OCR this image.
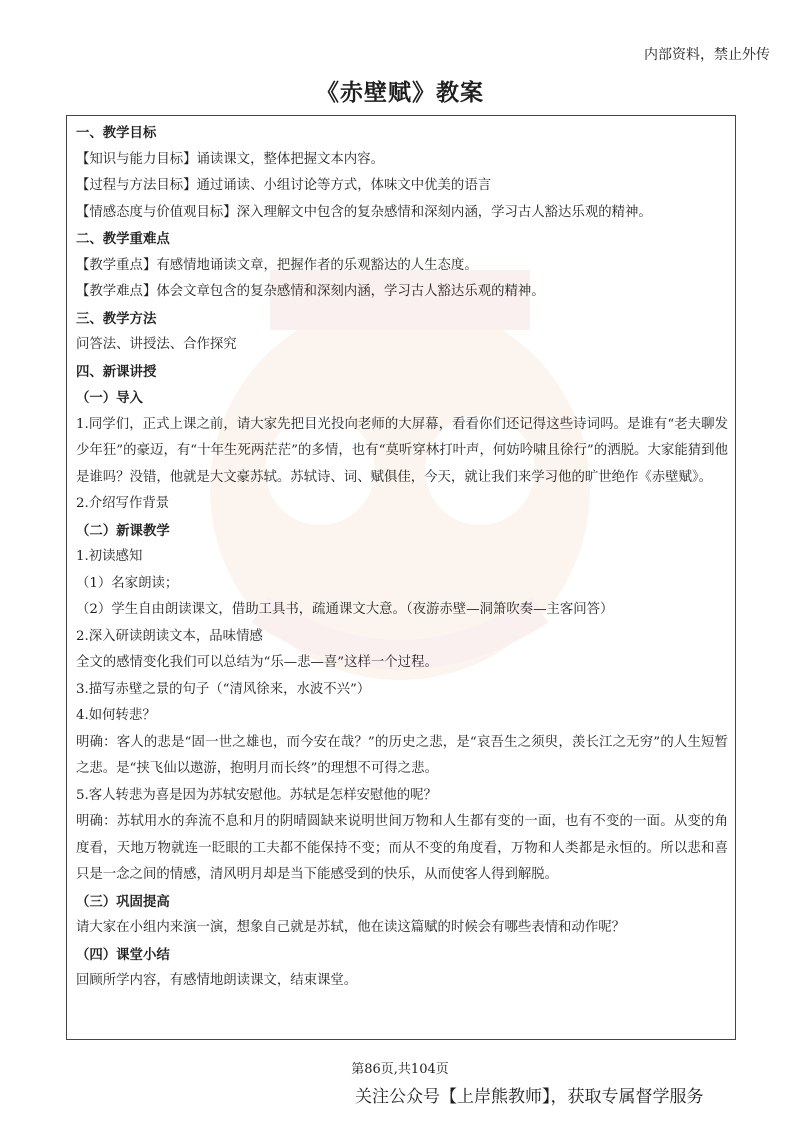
内部资料，禁止外传
《赤壁赋》教案

一、教学目标

【知识与能力目标】诵读课文，整体把握文本内容。

【过程与方法目标】通过诵读、小组讨论等方式，体味文中优美的语言

【情感态度与价值观目标】深入理解文中包含的复杂感情和深刻内涵，学习古人豁达乐观的精神。

二、教学重难点

【教学重点】有感情地诵读文章，把握作者的乐观豁达的人生态度。

【教学难点】体会文章包含的复杂感情和深刻内涵，学习古人豁达乐观的精神。

三、教学方法

问答法、讲授法、合作探究

四、新课讲授

（一）导入

1.同学们，正式上课之前，请大家先把目光投向老师的大屏幕，看看你们还记得这些诗词吗。是谁有“老夫聊发少年狂”的豪迈，有“十年生死两茫茫”的多情，也有“莫听穿林打叶声，何妨吟啸且徐行”的洒脱。大家能猜到他是谁吗？没错，他就是大文豪苏轼。苏轼诗、词、赋俱佳，今天，就让我们来学习他的旷世绝作《赤壁赋》。

2.介绍写作背景

（二）新课教学

1.初读感知

（1）名家朗读；

（2）学生自由朗读课文，借助工具书，疏通课文大意。（夜游赤壁—洞箫吹奏—主客问答）

2.深入研读朗读文本，品味情感

全文的感情变化我们可以总结为“乐—悲—喜”这样一个过程。

3.描写赤壁之景的句子（“清风徐来，水波不兴”）

4.如何转悲？

明确：客人的悲是“固一世之雄也，而今安在哉？”的历史之悲，是“哀吾生之须臾，羡长江之无穷”的人生短暂之悲。是“挟飞仙以遨游，抱明月而长终”的理想不可得之悲。

5.客人转悲为喜是因为苏轼安慰他。苏轼是怎样安慰他的呢？

明确：苏轼用水的奔流不息和月的阴晴圆缺来说明世间万物和人生都有变的一面，也有不变的一面。从变的角度看，天地万物就连一眨眼的工夫都不能保持不变；而从不变的角度看，万物和人类都是永恒的。所以悲和喜只是一念之间的情感，清风明月却是当下能感受到的快乐，从而使客人得到解脱。

（三）巩固提高

请大家在小组内来演一演，想象自己就是苏轼，他在读这篇赋的时候会有哪些表情和动作呢？

（四）课堂小结

回顾所学内容，有感情地朗读课文，结束课堂。

第86页,共104页
关注公众号【上岸熊教师】，获取专属督学服务
